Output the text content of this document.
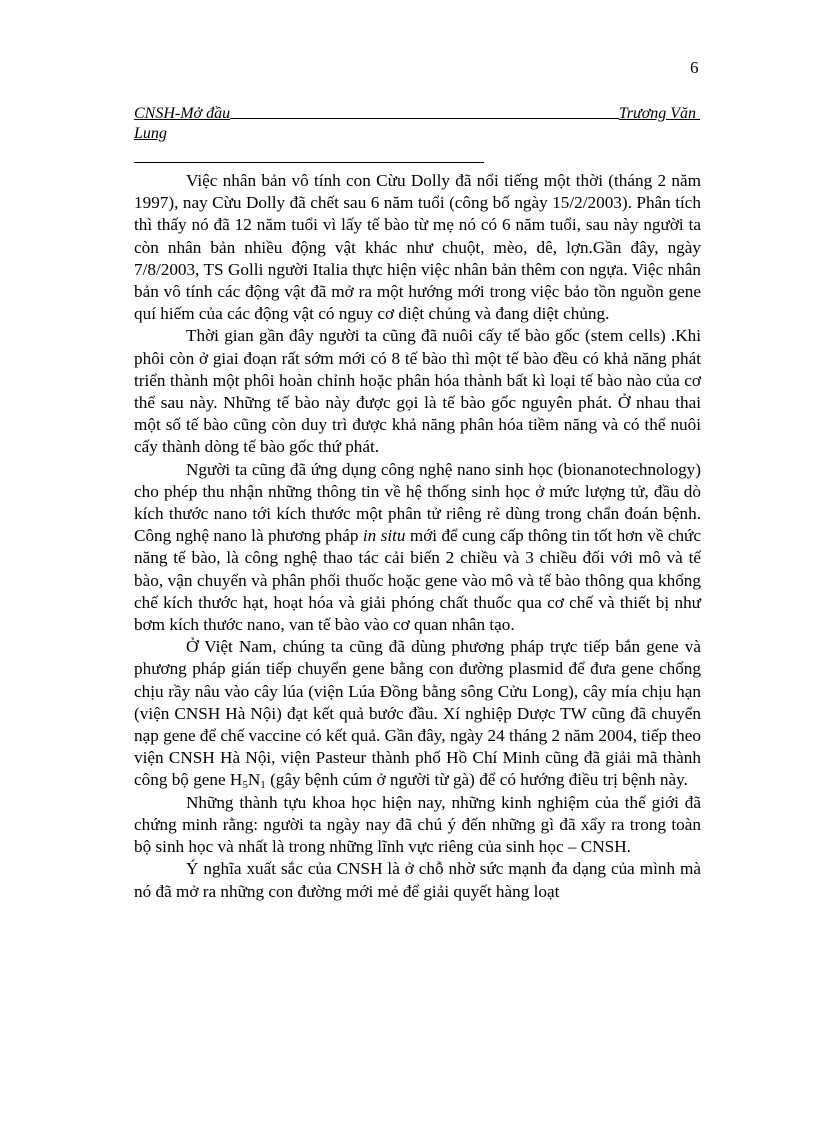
6
CNSH-Mở đầu	Trương Văn

Lung

Việc nhân bản vô tính con Cừu Dolly đã nổi tiếng một thời (tháng 2 năm 1997), nay Cừu Dolly đã chết sau 6 năm tuổi (công bố ngày 15/2/2003). Phân tích thì thấy nó đã 12 năm tuổi vì lấy tế bào từ mẹ nó có 6 năm tuổi, sau này người ta còn nhân bản nhiều động vật khác như chuột, mèo, dê, lợn.Gần đây, ngày 7/8/2003, TS Golli người Italia thực hiện việc nhân bản thêm con ngựa. Việc nhân bản vô tính các động vật đã mở ra một hướng mới trong việc bảo tồn nguồn gene quí hiếm của các động vật có nguy cơ diệt chủng và đang diệt chủng.

Thời gian gần đây người ta cũng đã nuôi cấy tế bào gốc (stem cells) .Khi phôi còn ở giai đoạn rất sớm mới có 8 tế bào thì một tế bào đều có khả năng phát triển thành một phôi hoàn chỉnh hoặc phân hóa thành bất kì loại tế bào nào của cơ thể sau này. Những tế bào này được gọi là tế bào gốc nguyên phát. Ở nhau thai một số tế bào cũng còn duy trì được khả năng phân hóa tiềm năng và có thể nuôi cấy thành dòng tế bào gốc thứ phát.

Người ta cũng đã ứng dụng công nghệ nano sinh học (bionanotechnology) cho phép thu nhận những thông tin về hệ thống sinh học ở mức lượng tử, đầu dò kích thước nano tới kích thước một phân tử riêng rẻ dùng trong chẩn đoán bệnh. Công nghệ nano là phương pháp in situ mới để cung cấp thông tin tốt hơn về chức năng tế bào, là công nghệ thao tác cải biến 2 chiều và 3 chiều đối với mô và tế bào, vận chuyển và phân phối thuốc hoặc gene vào mô và tế bào thông qua khống chế kích thước hạt, hoạt hóa và giải phóng chất thuốc qua cơ chế và thiết bị như bơm kích thước nano, van tế bào vào cơ quan nhân tạo.

Ở Việt Nam, chúng ta cũng đã dùng phương pháp trực tiếp bắn gene và phương pháp gián tiếp chuyển gene bằng con đường plasmid để đưa gene chống chịu rầy nâu vào cây lúa (viện Lúa Đồng bằng sông Cửu Long), cây mía chịu hạn (viện CNSH Hà Nội) đạt kết quả bước đầu. Xí nghiệp Dược TW cũng đã chuyển nạp gene để chế vaccine có kết quả. Gần đây, ngày 24 tháng 2 năm 2004, tiếp theo viện CNSH Hà Nội, viện Pasteur thành phố Hồ Chí Minh cũng đã giải mã thành công bộ gene $H_5N_1$ (gây bệnh cúm ở người từ gà) để có hướng điều trị bệnh này.

Những thành tựu khoa học hiện nay, những kinh nghiệm của thế giới đã chứng minh rằng: người ta ngày nay đã chú ý đến những gì đã xẩy ra trong toàn bộ sinh học và nhất là trong những lĩnh vực riêng của sinh học – CNSH.

Ý nghĩa xuất sắc của CNSH là ở chỗ nhờ sức mạnh đa dạng của mình mà nó đã mở ra những con đường mới mẻ để giải quyết hàng loạt
